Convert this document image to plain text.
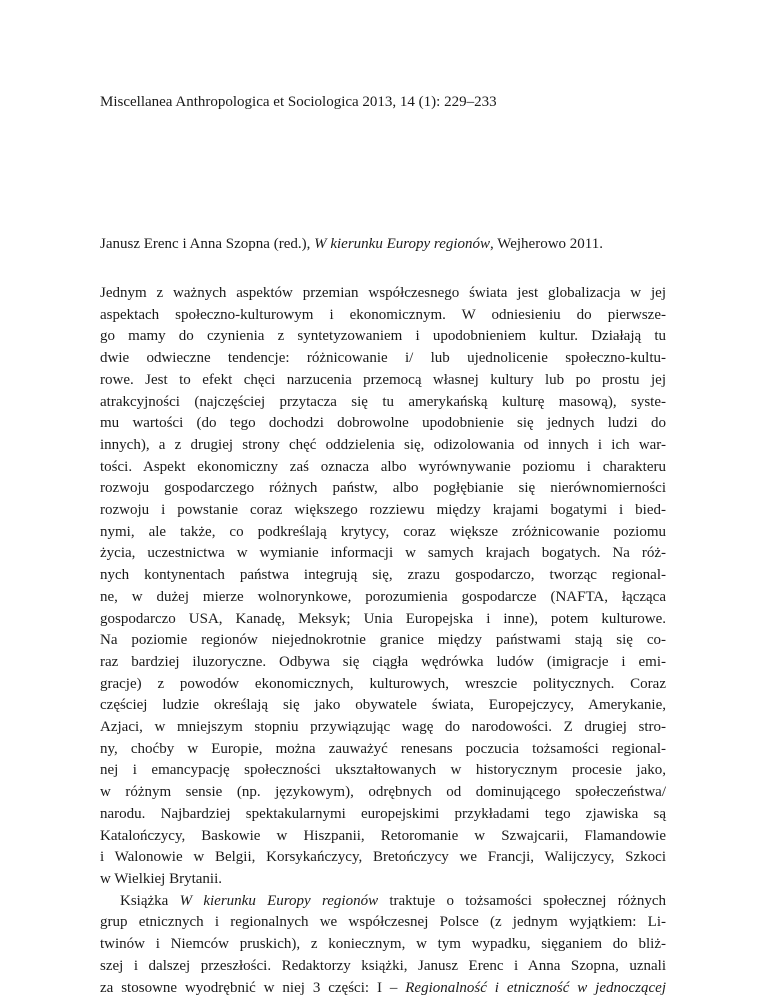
Miscellanea Anthropologica et Sociologica 2013, 14 (1): 229–233
Janusz Erenc i Anna Szopna (red.), W kierunku Europy regionów, Wejherowo 2011.
Jednym z ważnych aspektów przemian współczesnego świata jest globalizacja w jej
aspektach społeczno-kulturowym i ekonomicznym. W odniesieniu do pierwsze-
go mamy do czynienia z syntetyzowaniem i upodobnieniem kultur. Działają tu
dwie odwieczne tendencje: różnicowanie i/ lub ujednolicenie społeczno-kultu-
rowe. Jest to efekt chęci narzucenia przemocą własnej kultury lub po prostu jej
atrakcyjności (najczęściej przytacza się tu amerykańską kulturę masową), syste-
mu wartości (do tego dochodzi dobrowolne upodobnienie się jednych ludzi do
innych), a z drugiej strony chęć oddzielenia się, odizolowania od innych i ich war-
tości. Aspekt ekonomiczny zaś oznacza albo wyrównywanie poziomu i charakteru
rozwoju gospodarczego różnych państw, albo pogłębianie się nierównomierności
rozwoju i powstanie coraz większego rozziewu między krajami bogatymi i bied-
nymi, ale także, co podkreślają krytycy, coraz większe zróżnicowanie poziomu
życia, uczestnictwa w wymianie informacji w samych krajach bogatych. Na róż-
nych kontynentach państwa integrują się, zrazu gospodarczo, tworząc regional-
ne, w dużej mierze wolnorynkowe, porozumienia gospodarcze (NAFTA, łącząca
gospodarczo USA, Kanadę, Meksyk; Unia Europejska i inne), potem kulturowe.
Na poziomie regionów niejednokrotnie granice między państwami stają się co-
raz bardziej iluzoryczne. Odbywa się ciągła wędrówka ludów (imigracje i emi-
gracje) z powodów ekonomicznych, kulturowych, wreszcie politycznych. Coraz
częściej ludzie określają się jako obywatele świata, Europejczycy, Amerykanie,
Azjaci, w mniejszym stopniu przywiązując wagę do narodowości. Z drugiej stro-
ny, choćby w Europie, można zauważyć renesans poczucia tożsamości regional-
nej i emancypację społeczności ukształtowanych w historycznym procesie jako,
w różnym sensie (np. językowym), odrębnych od dominującego społeczeństwa/
narodu. Najbardziej spektakularnymi europejskimi przykładami tego zjawiska są
Katalończycy, Baskowie w Hiszpanii, Retoromanie w Szwajcarii, Flamandowie
i Walonowie w Belgii, Korsykańczycy, Bretończycy we Francji, Walijczycy, Szkoci
w Wielkiej Brytanii.
Książka W kierunku Europy regionów traktuje o tożsamości społecznej różnych
grup etnicznych i regionalnych we współczesnej Polsce (z jednym wyjątkiem: Li-
twinów i Niemców pruskich), z koniecznym, w tym wypadku, sięganiem do bliż-
szej i dalszej przeszłości. Redaktorzy książki, Janusz Erenc i Anna Szopna, uznali
za stosowne wyodrębnić w niej 3 części: I – Regionalność i etniczność w jednoczącej
